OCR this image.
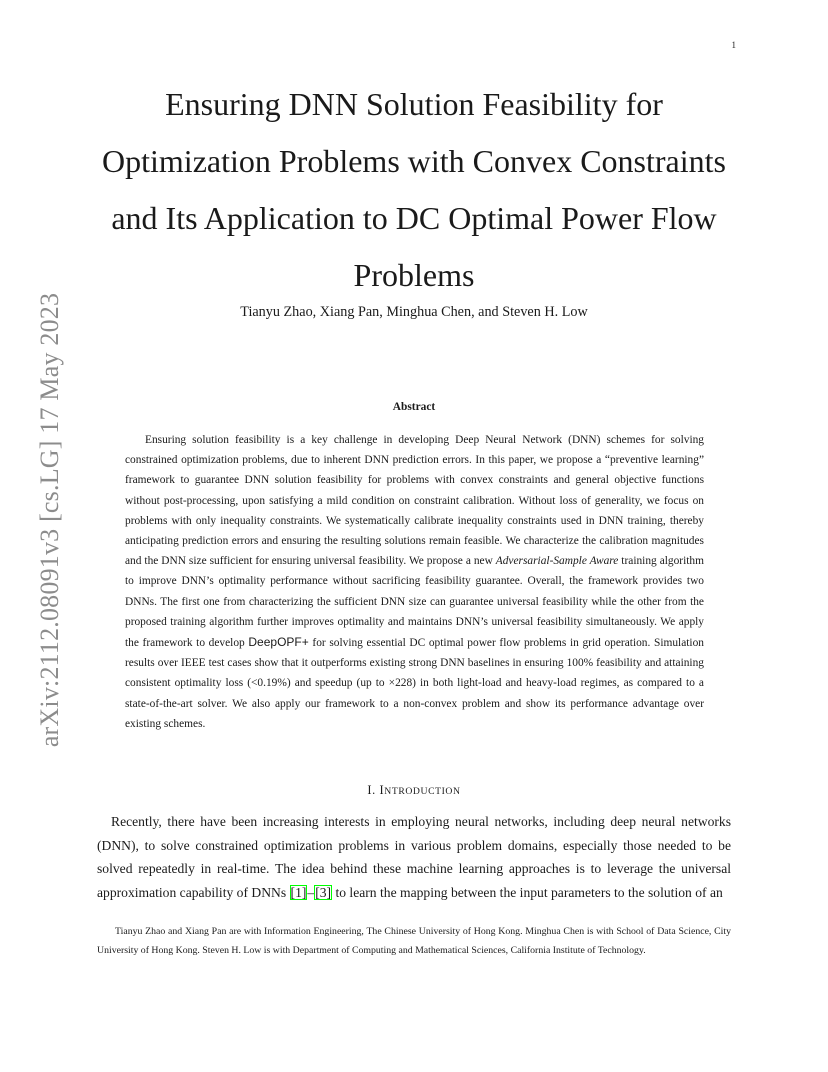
1
arXiv:2112.08091v3 [cs.LG] 17 May 2023
Ensuring DNN Solution Feasibility for Optimization Problems with Convex Constraints and Its Application to DC Optimal Power Flow Problems
Tianyu Zhao, Xiang Pan, Minghua Chen, and Steven H. Low
Abstract

Ensuring solution feasibility is a key challenge in developing Deep Neural Network (DNN) schemes for solving constrained optimization problems, due to inherent DNN prediction errors. In this paper, we propose a “preventive learning” framework to guarantee DNN solution feasibility for problems with convex constraints and general objective functions without post-processing, upon satisfying a mild condition on constraint calibration. Without loss of generality, we focus on problems with only inequality constraints. We systematically calibrate inequality constraints used in DNN training, thereby anticipating prediction errors and ensuring the resulting solutions remain feasible. We characterize the calibration magnitudes and the DNN size sufficient for ensuring universal feasibility. We propose a new Adversarial-Sample Aware training algorithm to improve DNN’s optimality performance without sacrificing feasibility guarantee. Overall, the framework provides two DNNs. The first one from characterizing the sufficient DNN size can guarantee universal feasibility while the other from the proposed training algorithm further improves optimality and maintains DNN’s universal feasibility simultaneously. We apply the framework to develop DeepOPF+ for solving essential DC optimal power flow problems in grid operation. Simulation results over IEEE test cases show that it outperforms existing strong DNN baselines in ensuring 100% feasibility and attaining consistent optimality loss (<0.19%) and speedup (up to ×228) in both light-load and heavy-load regimes, as compared to a state-of-the-art solver. We also apply our framework to a non-convex problem and show its performance advantage over existing schemes.

I. INTRODUCTION

Recently, there have been increasing interests in employing neural networks, including deep neural networks (DNN), to solve constrained optimization problems in various problem domains, especially those needed to be solved repeatedly in real-time. The idea behind these machine learning approaches is to leverage the universal approximation capability of DNNs [1]–[3] to learn the mapping between the input parameters to the solution of an

Tianyu Zhao and Xiang Pan are with Information Engineering, The Chinese University of Hong Kong. Minghua Chen is with School of Data Science, City University of Hong Kong. Steven H. Low is with Department of Computing and Mathematical Sciences, California Institute of Technology.
